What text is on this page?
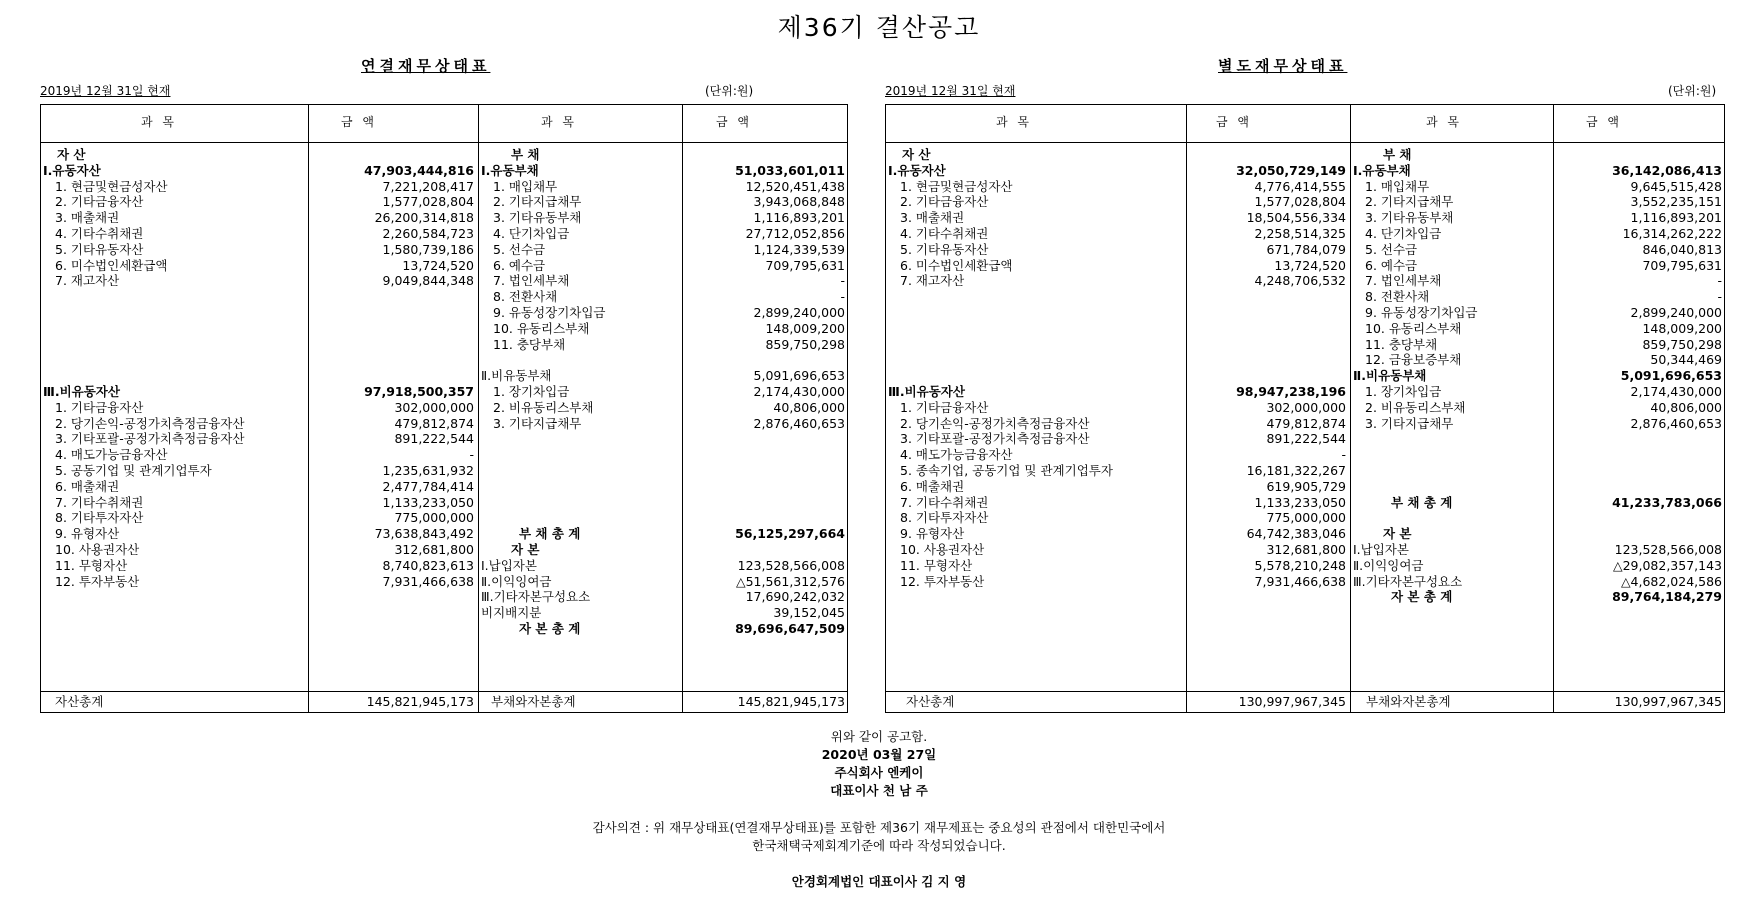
제36기 결산공고
연결재무상태표
2019년 12월 31일 현재	(단위:원)
별도재무상태표
2019년 12월 31일 현재	(단위:원)
과 목	금 액	과 목	금 액
자산총계	145,821,945,173 부채와자본총계	145,821,945,173
자 산
Ⅰ.유동자산	47,903,444,816
1. 현금및현금성자산	7,221,208,417
2. 기타금융자산	1,577,028,804
3. 매출채권	26,200,314,818
4. 기타수취채권	2,260,584,723
5. 기타유동자산	1,580,739,186
6. 미수법인세환급액	13,724,520
7. 재고자산	9,049,844,348
Ⅲ.비유동자산	97,918,500,357
1. 기타금융자산	302,000,000
2. 당기손익-공정가치측정금융자산	479,812,874
3. 기타포괄-공정가치측정금융자산	891,222,544
4. 매도가능금융자산	-
5. 공동기업 및 관계기업투자	1,235,631,932
6. 매출채권	2,477,784,414
7. 기타수취채권	1,133,233,050
8. 기타투자자산	775,000,000
9. 유형자산	73,638,843,492
10. 사용권자산	312,681,800
11. 무형자산	8,740,823,613
12. 투자부동산	7,931,466,638
부 채
Ⅰ.유동부채	51,033,601,011
1. 매입채무	12,520,451,438
2. 기타지급채무	3,943,068,848
3. 기타유동부채	1,116,893,201
4. 단기차입금	27,712,052,856
5. 선수금	1,124,339,539
6. 예수금	709,795,631
7. 법인세부채	-
8. 전환사채	-
9. 유동성장기차입금	2,899,240,000
10. 유동리스부채	148,009,200
11. 충당부채	859,750,298
Ⅱ.비유동부채	5,091,696,653
1. 장기차입금	2,174,430,000
2. 비유동리스부채	40,806,000
3. 기타지급채무	2,876,460,653
부 채 총 계	56,125,297,664
자 본
Ⅰ.납입자본	123,528,566,008
Ⅱ.이익잉여금	△51,561,312,576
Ⅲ.기타자본구성요소	17,690,242,032
비지배지분	39,152,045
자 본 총 계	89,696,647,509
과 목	금 액	과 목	금 액
자산총계	130,997,967,345 부채와자본총계	130,997,967,345
자 산
Ⅰ.유동자산	32,050,729,149
1. 현금및현금성자산	4,776,414,555
2. 기타금융자산	1,577,028,804
3. 매출채권	18,504,556,334
4. 기타수취채권	2,258,514,325
5. 기타유동자산	671,784,079
6. 미수법인세환급액	13,724,520
7. 재고자산	4,248,706,532
Ⅲ.비유동자산	98,947,238,196
1. 기타금융자산	302,000,000
2. 당기손익-공정가치측정금융자산	479,812,874
3. 기타포괄-공정가치측정금융자산	891,222,544
4. 매도가능금융자산	-
5. 종속기업, 공동기업 및 관계기업투자	16,181,322,267
6. 매출채권	619,905,729
7. 기타수취채권	1,133,233,050
8. 기타투자자산	775,000,000
9. 유형자산	64,742,383,046
10. 사용권자산	312,681,800
11. 무형자산	5,578,210,248
12. 투자부동산	7,931,466,638
부 채
Ⅰ.유동부채	36,142,086,413
1. 매입채무	9,645,515,428
2. 기타지급채무	3,552,235,151
3. 기타유동부채	1,116,893,201
4. 단기차입금	16,314,262,222
5. 선수금	846,040,813
6. 예수금	709,795,631
7. 법인세부채	-
8. 전환사채	-
9. 유동성장기차입금	2,899,240,000
10. 유동리스부채	148,009,200
11. 충당부채	859,750,298
12. 금융보증부채	50,344,469
Ⅱ.비유동부채	5,091,696,653
1. 장기차입금	2,174,430,000
2. 비유동리스부채	40,806,000
3. 기타지급채무	2,876,460,653
부 채 총 계	41,233,783,066
자 본
Ⅰ.납입자본	123,528,566,008
Ⅱ.이익잉여금	△29,082,357,143
Ⅲ.기타자본구성요소	△4,682,024,586
자 본 총 계	89,764,184,279
위와 같이 공고함.
2020년 03월 27일
주식회사 엔케이
대표이사 천 남 주
감사의견 : 위 재무상태표(연결재무상태표)를 포함한 제36기 재무제표는 중요성의 관점에서 대한민국에서
한국채택국제회계기준에 따라 작성되었습니다.
안경회계법인 대표이사 김 지 영
